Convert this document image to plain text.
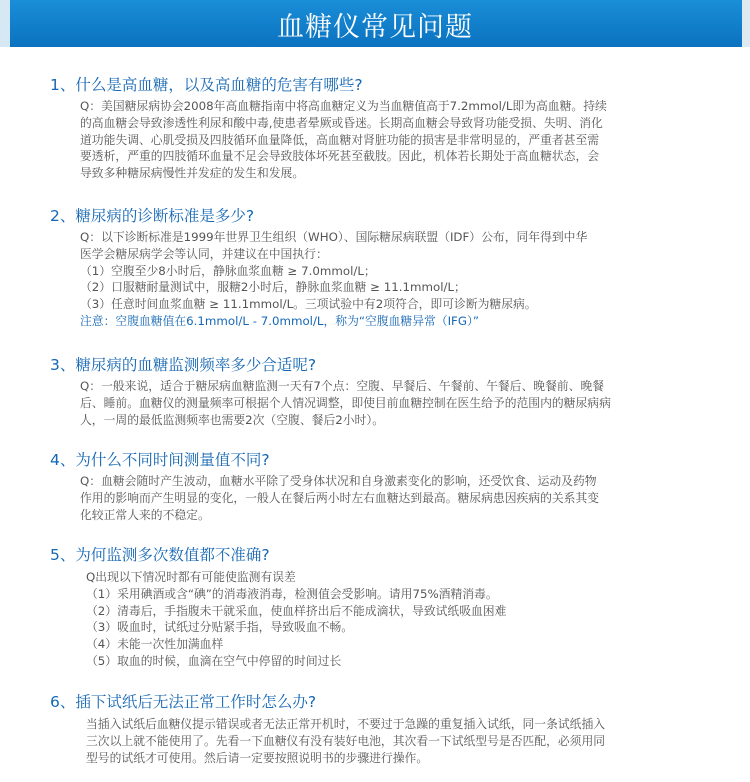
血糖仪常见问题
1、什么是高血糖，以及高血糖的危害有哪些?

Q：美国糖尿病协会2008年高血糖指南中将高血糖定义为当血糖值高于7.2mmol/L即为高血糖。持续

的高血糖会导致渗透性利尿和酸中毒,使患者晕厥或昏迷。长期高血糖会导致肾功能受损、失明、消化

道功能失调、心肌受损及四肢循环血量降低，高血糖对肾脏功能的损害是非常明显的，严重者甚至需

要透析，严重的四肢循环血量不足会导致肢体坏死甚至截肢。因此，机体若长期处于高血糖状态，会

导致多种糖尿病慢性并发症的发生和发展。

2、糖尿病的诊断标准是多少?

Q：以下诊断标准是1999年世界卫生组织（WHO）、国际糖尿病联盟（IDF）公布，同年得到中华

医学会糖尿病学会等认同，并建议在中国执行：

（1）空腹至少8小时后，静脉血浆血糖 ≥ 7.0mmol/L；

（2）口服糖耐量测试中，服糖2小时后，静脉血浆血糖 ≥ 11.1mmol/L；

（3）任意时间血浆血糖 ≥ 11.1mmol/L。三项试验中有2项符合，即可诊断为糖尿病。

注意：空腹血糖值在6.1mmol/L - 7.0mmol/L，称为“空腹血糖异常（IFG）”

3、糖尿病的血糖监测频率多少合适呢?

Q：一般来说，适合于糖尿病血糖监测一天有7个点：空腹、早餐后、午餐前、午餐后、晚餐前、晚餐

后、睡前。血糖仪的测量频率可根据个人情况调整，即使目前血糖控制在医生给予的范围内的糖尿病病

人，一周的最低监测频率也需要2次（空腹、餐后2小时）。

4、为什么不同时间测量值不同?

Q：血糖会随时产生波动，血糖水平除了受身体状况和自身激素变化的影响，还受饮食、运动及药物

作用的影响而产生明显的变化，一般人在餐后两小时左右血糖达到最高。糖尿病患因疾病的关系其变

化较正常人来的不稳定。

5、为何监测多次数值都不准确?

Q出现以下情况时都有可能使监测有误差

（1）采用碘酒或含“碘”的消毒液消毒，检测值会受影响。请用75%酒精消毒。

（2）清毒后，手指腹未干就采血，使血样挤出后不能成滴状，导致试纸吸血困难

（3）吸血时，试纸过分贴紧手指，导致吸血不畅。

（4）未能一次性加满血样

（5）取血的时候，血滴在空气中停留的时间过长

6、插下试纸后无法正常工作时怎么办?

当插入试纸后血糖仪提示错误或者无法正常开机时，不要过于急躁的重复插入试纸，同一条试纸插入

三次以上就不能使用了。先看一下血糖仪有没有装好电池，其次看一下试纸型号是否匹配，必须用同

型号的试纸才可使用。然后请一定要按照说明书的步骤进行操作。
